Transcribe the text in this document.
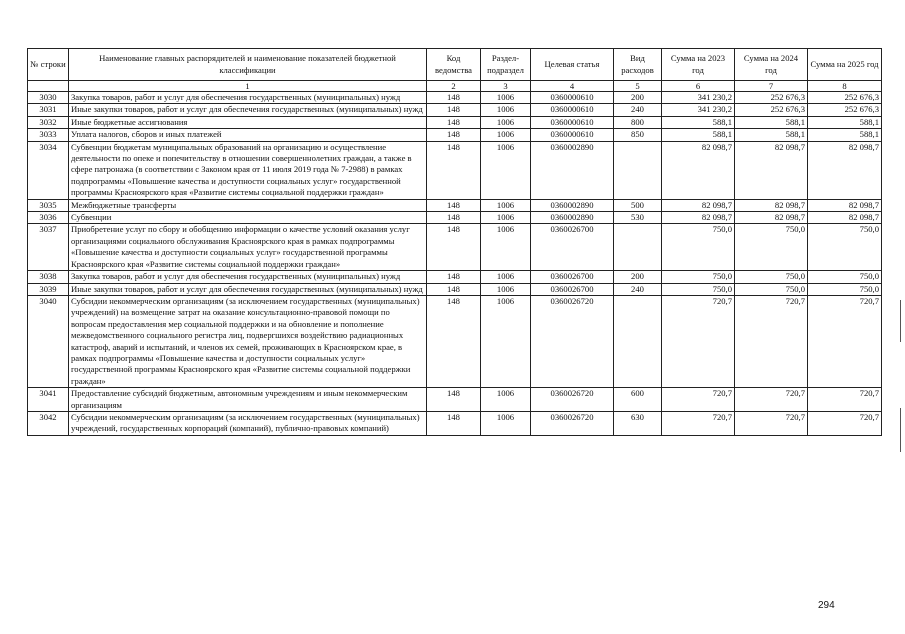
№ строки	Наименование главных распорядителей и наименование показателей бюджетной классификации	Код ведомства	Раздел-подраздел	Целевая статья	Вид расходов	Сумма на 2023 год	Сумма на 2024 год	Сумма на 2025 год
	1	2	3	4	5	6	7	8
3030	Закупка товаров, работ и услуг для обеспечения государственных (муниципальных) нужд	148	1006	0360000610	200	341 230,2	252 676,3	252 676,3
3031	Иные закупки товаров, работ и услуг для обеспечения государственных (муниципальных) нужд	148	1006	0360000610	240	341 230,2	252 676,3	252 676,3
3032	Иные бюджетные ассигнования	148	1006	0360000610	800	588,1	588,1	588,1
3033	Уплата налогов, сборов и иных платежей	148	1006	0360000610	850	588,1	588,1	588,1
3034	Субвенции бюджетам муниципальных образований на организацию и осуществление деятельности по опеке и попечительству в отношении совершеннолетних граждан, а также в сфере патронажа (в соответствии с Законом края от 11 июля 2019 года № 7-2988) в рамках подпрограммы «Повышение качества и доступности социальных услуг» государственной программы Красноярского края «Развитие системы социальной поддержки граждан»	148	1006	0360002890		82 098,7	82 098,7	82 098,7
3035	Межбюджетные трансферты	148	1006	0360002890	500	82 098,7	82 098,7	82 098,7
3036	Субвенции	148	1006	0360002890	530	82 098,7	82 098,7	82 098,7
3037	Приобретение услуг по сбору и обобщению информации о качестве условий оказания услуг организациями социального обслуживания Красноярского края в рамках подпрограммы «Повышение качества и доступности социальных услуг» государственной программы Красноярского края «Развитие системы социальной поддержки граждан»	148	1006	0360026700		750,0	750,0	750,0
3038	Закупка товаров, работ и услуг для обеспечения государственных (муниципальных) нужд	148	1006	0360026700	200	750,0	750,0	750,0
3039	Иные закупки товаров, работ и услуг для обеспечения государственных (муниципальных) нужд	148	1006	0360026700	240	750,0	750,0	750,0
3040	Субсидии некоммерческим организациям (за исключением государственных (муниципальных) учреждений) на возмещение затрат на оказание консультационно-правовой помощи по вопросам предоставления мер социальной поддержки и на обновление и пополнение межведомственного социального регистра лиц, подвергшихся воздействию радиационных катастроф, аварий и испытаний, и членов их семей, проживающих в Красноярском крае, в рамках подпрограммы «Повышение качества и доступности социальных услуг» государственной программы Красноярского края «Развитие системы социальной поддержки граждан»	148	1006	0360026720		720,7	720,7	720,7
3041	Предоставление субсидий бюджетным, автономным учреждениям и иным некоммерческим организациям	148	1006	0360026720	600	720,7	720,7	720,7
3042	Субсидии некоммерческим организациям (за исключением государственных (муниципальных) учреждений, государственных корпораций (компаний), публично-правовых компаний)	148	1006	0360026720	630	720,7	720,7	720,7
294
